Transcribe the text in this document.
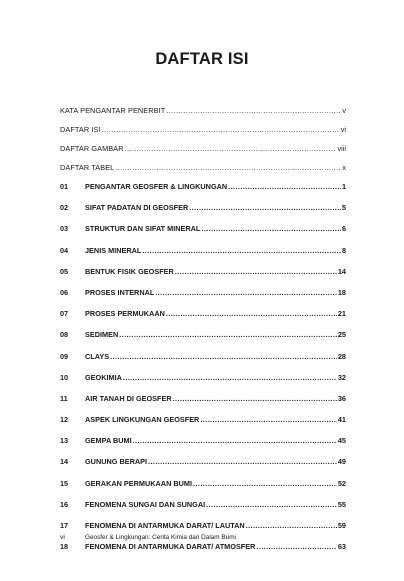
DAFTAR ISI
KATA PENGANTAR PENERBIT .....	v
DAFTAR ISI .....	vi
DAFTAR GAMBAR .....	viii
DAFTAR TABEL .....	x
01	PENGANTAR GEOSFER & LINGKUNGAN .....	1
02	SIFAT PADATAN DI GEOSFER .....	5
03	STRUKTUR DAN SIFAT MINERAL .....	6
04	JENIS MINERAL .....	8
05	BENTUK FISIK GEOSFER .....	14
06	PROSES INTERNAL .....	18
07	PROSES PERMUKAAN .....	21
08	SEDIMEN .....	25
09	CLAYS .....	28
10	GEOKIMIA .....	32
11	AIR TANAH DI GEOSFER .....	36
12	ASPEK LINGKUNGAN GEOSFER .....	41
13	GEMPA BUMI .....	45
14	GUNUNG BERAPI .....	49
15	GERAKAN PERMUKAAN BUMI .....	52
16	FENOMENA SUNGAI DAN SUNGAI .....	55
17	FENOMENA DI ANTARMUKA DARAT/ LAUTAN .....	59
18	FENOMENA DI ANTARMUKA DARAT/ ATMOSFER .....	63
vi	Geosfer & Lingkungan: Cerita Kimia dari Dalam Bumi
